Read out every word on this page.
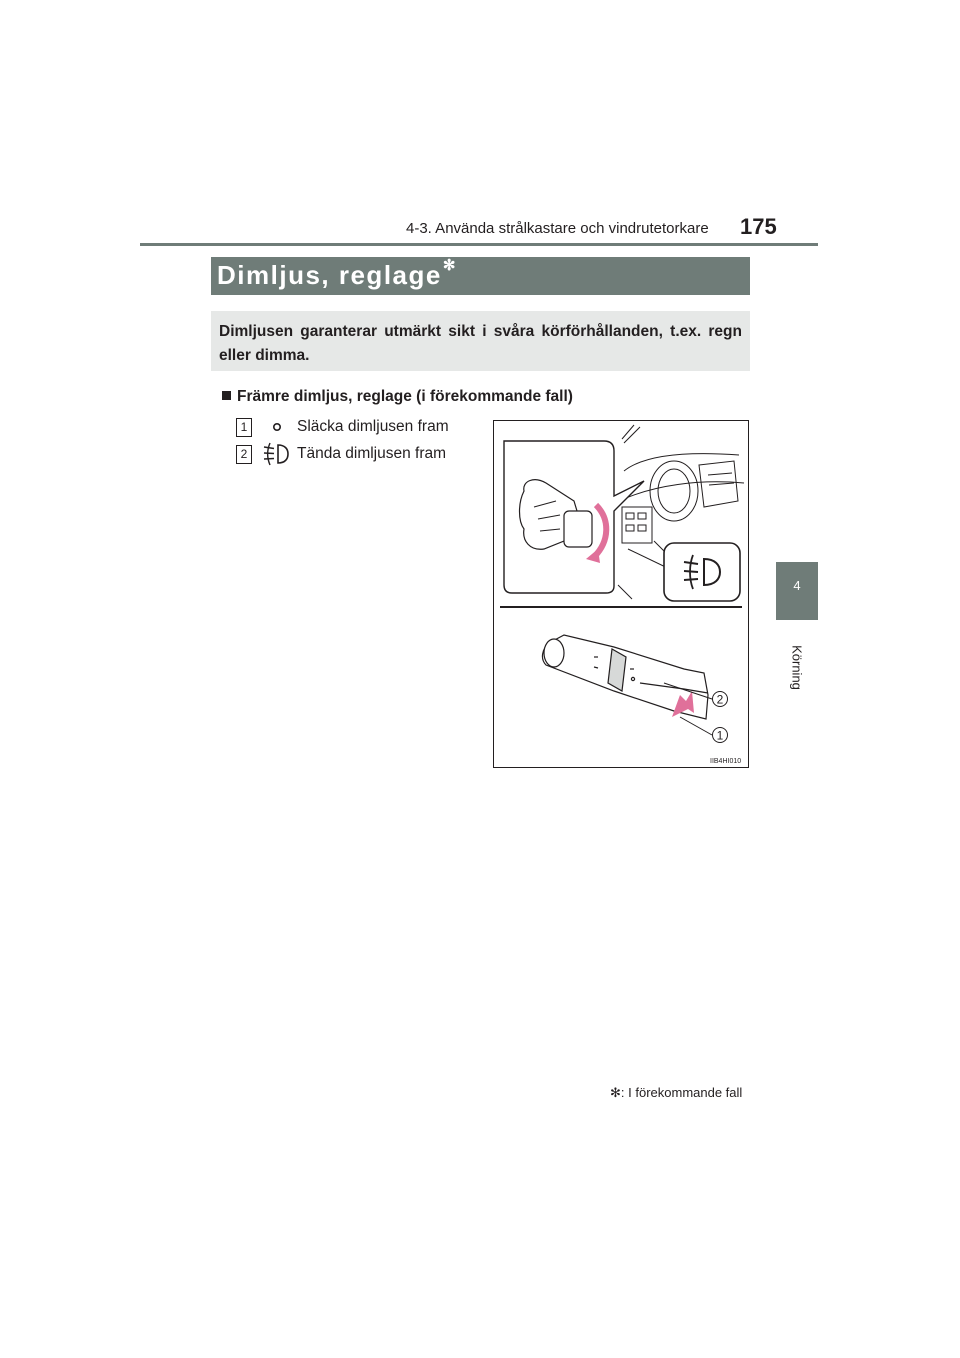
4-3. Använda strålkastare och vindrutetorkare 175
4
Körning
Dimljus, reglage✻

Dimljusen garanterar utmärkt sikt i svåra körförhållanden, t.ex. regn eller dimma.

Främre dimljus, reglage (i förekommande fall)
1	Släcka dimljusen fram
2	Tända dimljusen fram
2
1
IIB4HI010
✻: I förekommande fall
